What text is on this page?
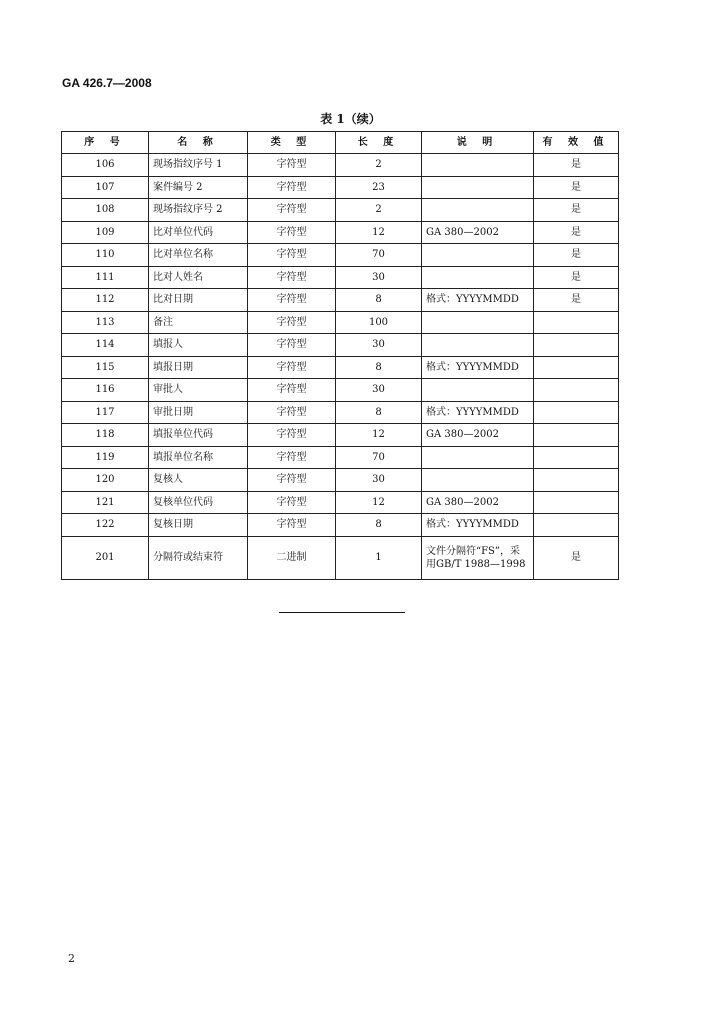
GA 426.7—2008
表 1（续）
序 号	名 称	类 型	长 度	说 明	有 效 值
106	现场指纹序号 1	字符型	2		是
107	案件编号 2	字符型	23		是
108	现场指纹序号 2	字符型	2		是
109	比对单位代码	字符型	12	GA 380—2002	是
110	比对单位名称	字符型	70		是
111	比对人姓名	字符型	30		是
112	比对日期	字符型	8	格式：YYYYMMDD	是
113	备注	字符型	100		
114	填报人	字符型	30		
115	填报日期	字符型	8	格式：YYYYMMDD	
116	审批人	字符型	30		
117	审批日期	字符型	8	格式：YYYYMMDD	
118	填报单位代码	字符型	12	GA 380—2002	
119	填报单位名称	字符型	70		
120	复核人	字符型	30		
121	复核单位代码	字符型	12	GA 380—2002	
122	复核日期	字符型	8	格式：YYYYMMDD	
201	分隔符或结束符	二进制	1	文件分隔符“FS”，采用GB/T 1988—1998	是
2
